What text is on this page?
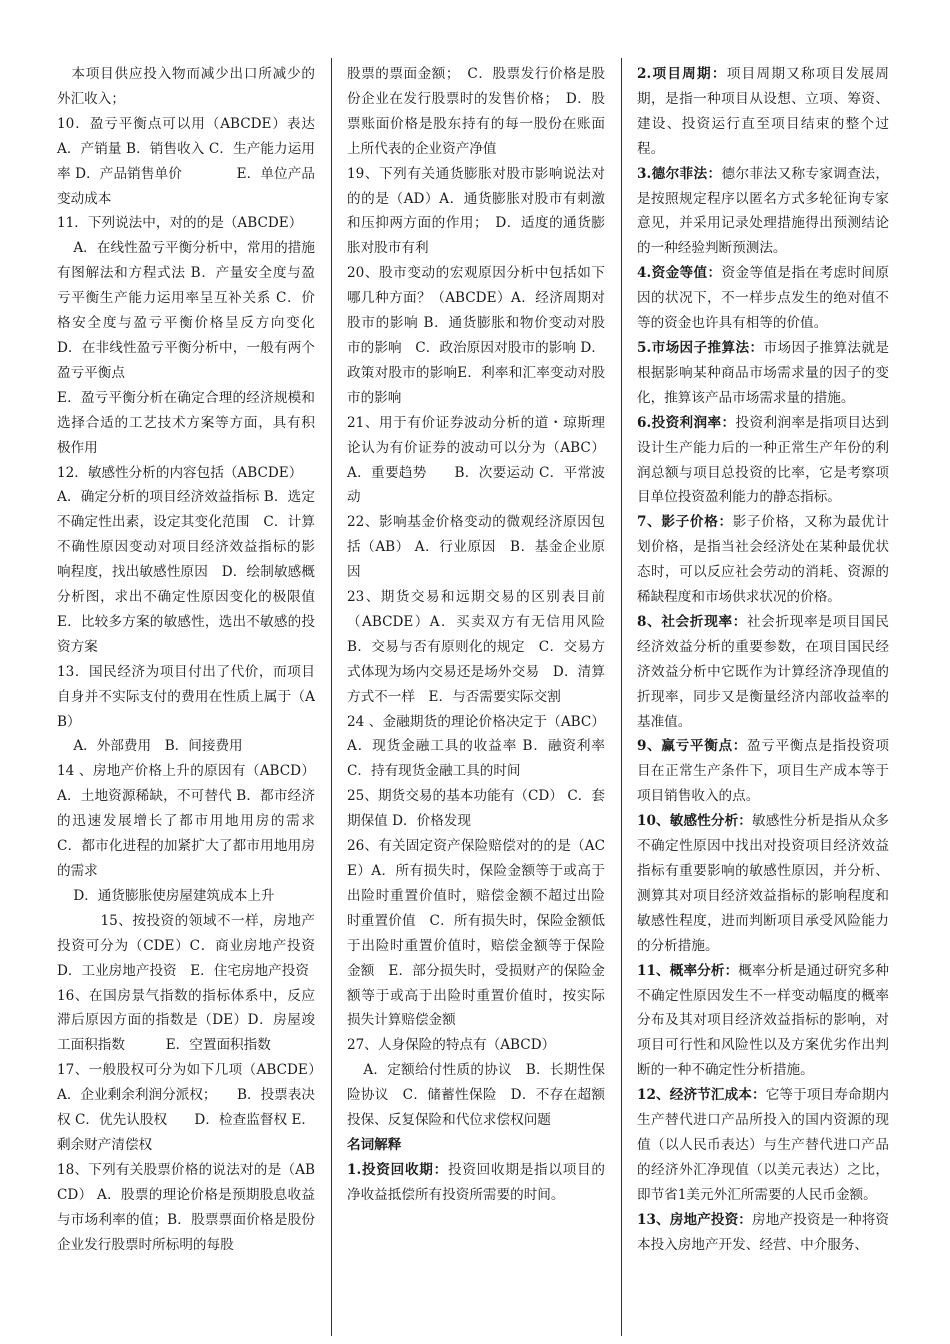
　本项目供应投入物而减少出口所减少的外汇收入；

10．盈亏平衡点可以用（ABCDE）表达 A．产销量 B．销售收入 C．生产能力运用率 D．产品销售单价　　　　E．单位产品变动成本

11．下列说法中，对的的是（ABCDE）

A．在线性盈亏平衡分析中，常用的措施有图解法和方程式法 B．产量安全度与盈亏平衡生产能力运用率呈互补关系 C．价格安全度与盈亏平衡价格呈反方向变化　D．在非线性盈亏平衡分析中，一般有两个盈亏平衡点

E．盈亏平衡分析在确定合理的经济规模和选择合适的工艺技术方案等方面，具有积极作用

12．敏感性分析的内容包括（ABCDE）

A．确定分析的项目经济效益指标 B．选定不确定性出素，设定其变化范围　C．计算不确性原因变动对项目经济效益指标的影响程度，找出敏感性原因　D．绘制敏感概分析图，求出不确定性原因变化的极限值　E．比较多方案的敏感性，选出不敏感的投资方案

13．国民经济为项目付出了代价，而项目自身并不实际支付的费用在性质上属于（AB）

A．外部费用　B．间接费用

14 、房地产价格上升的原因有（ABCD）A．土地资源稀缺，不可替代 B．都市经济的迅速发展增长了都市用地用房的需求　C．都市化进程的加紧扩大了都市用地用房的需求

D．通货膨胀使房屋建筑成本上升

15、按投资的领域不一样，房地产投资可分为（CDE）C．商业房地产投资　D．工业房地产投资　E．住宅房地产投资

16、在国房景气指数的指标体系中，反应滞后原因方面的指数是（DE）D．房屋竣工面积指数　　　E．空置面积指数

17、一般股权可分为如下几项（ABCDE）A．企业剩余利润分派权；　　B．投票表决权 C．优先认股权　　D．检查监督权 E．剩余财产清偿权

18、下列有关股票价格的说法对的是（ABCD） A．股票的理论价格是预期股息收益与市场利率的值；B．股票票面价格是股份企业发行股票时所标明的每股

股票的票面金额；　C．股票发行价格是股份企业在发行股票时的发售价格；　D．股票账面价格是股东持有的每一股份在账面上所代表的企业资产净值

19、下列有关通货膨胀对股市影响说法对的的是（AD）A．通货膨胀对股市有刺激和压抑两方面的作用；　D．适度的通货膨胀对股市有利

20、股市变动的宏观原因分析中包括如下哪几种方面？（ABCDE）A．经济周期对股市的影响 B．通货膨胀和物价变动对股市的影响　C．政治原因对股市的影响 D．政策对股市的影响E．利率和汇率变动对股市的影响

21、用于有价证券波动分析的道・琼斯理论认为有价证券的波动可以分为（ABC）A．重要趋势　　B．次要运动 C．平常波动

22、影响基金价格变动的微观经济原因包括（AB） A．行业原因　B．基金企业原因

23、期货交易和远期交易的区别表目前（ABCDE）A．买卖双方有无信用风险 B．交易与否有原则化的规定　C．交易方式体现为场内交易还是场外交易　D．清算方式不一样　E．与否需要实际交割

24 、金融期货的理论价格决定于（ABC）A．现货金融工具的收益率 B．融资利率　C．持有现货金融工具的时间

25、期货交易的基本功能有（CD） C．套期保值 D．价格发现

26、有关固定资产保险赔偿对的的是（ACE）A．所有损失时，保险金额等于或高于出险时重置价值时，赔偿金额不超过出险时重置价值　C．所有损失时，保险金额低于出险时重置价值时，赔偿金额等于保险金额　E．部分损失时，受损财产的保险金额等于或高于出险时重置价值时，按实际损失计算赔偿金额

27、人身保险的特点有（ABCD）

A．定额给付性质的协议　B．长期性保险协议　C．储蓄性保险　D．不存在超额投保、反复保险和代位求偿权问题

名词解释

1.投资回收期：投资回收期是指以项目的净收益抵偿所有投资所需要的时间。

2.项目周期：项目周期又称项目发展周期，是指一种项目从设想、立项、筹资、建设、投资运行直至项目结束的整个过程。

3.德尔菲法：德尔菲法又称专家调查法，是按照规定程序以匿名方式多轮征询专家意见，并采用记录处理措施得出预测结论的一种经验判断预测法。

4.资金等值：资金等值是指在考虑时间原因的状况下，不一样步点发生的绝对值不等的资金也许具有相等的价值。

5.市场因子推算法：市场因子推算法就是根据影响某种商品市场需求量的因子的变化，推算该产品市场需求量的措施。

6.投资利润率：投资利润率是指项目达到设计生产能力后的一种正常生产年份的利润总额与项目总投资的比率，它是考察项目单位投资盈利能力的静态指标。

7、影子价格：影子价格，又称为最优计划价格，是指当社会经济处在某种最优状态时，可以反应社会劳动的消耗、资源的稀缺程度和市场供求状况的价格。

8、社会折现率：社会折现率是项目国民经济效益分析的重要参数，在项目国民经济效益分析中它既作为计算经济净现值的折现率，同步又是衡量经济内部收益率的基准值。

9、赢亏平衡点：盈亏平衡点是指投资项目在正常生产条件下，项目生产成本等于项目销售收入的点。

10、敏感性分析：敏感性分析是指从众多不确定性原因中找出对投资项目经济效益指标有重要影响的敏感性原因，并分析、测算其对项目经济效益指标的影响程度和敏感性程度，进而判断项目承受风险能力的分析措施。

11、概率分析：概率分析是通过研究多种不确定性原因发生不一样变动幅度的概率分布及其对项目经济效益指标的影响，对项目可行性和风险性以及方案优劣作出判断的一种不确定性分析措施。

12、经济节汇成本：它等于项目寿命期内生产替代进口产品所投入的国内资源的现值（以人民币表达）与生产替代进口产品的经济外汇净现值（以美元表达）之比，即节省1美元外汇所需要的人民币金额。

13、房地产投资：房地产投资是一种将资本投入房地产开发、经营、中介服务、
